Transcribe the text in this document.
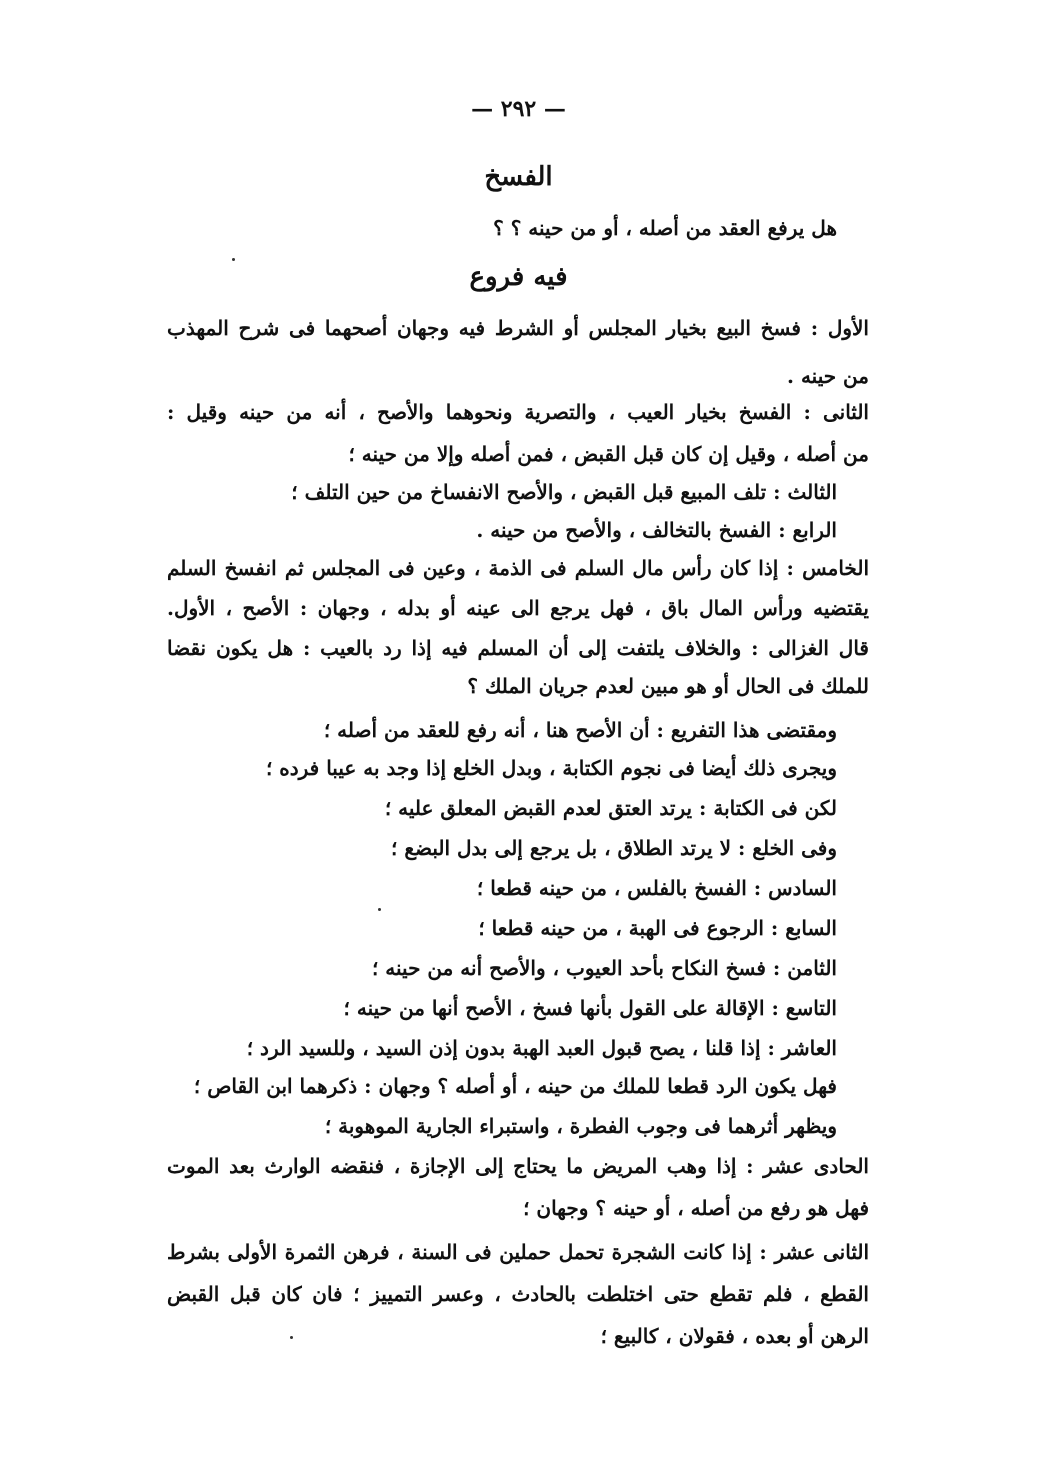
— ٢٩٢ —
الفسخ
هل يرفع العقد من أصله ، أو من حينه ؟ ؟
فيه فروع
الأول : فسخ البيع بخيار المجلس أو الشرط فيه وجهان أصحهما فى شرح المهذب
من حينه .
الثانى : الفسخ بخيار العيب ، والتصرية ونحوهما والأصح ، أنه من حينه وقيل :
من أصله ، وقيل إن كان قبل القبض ، فمن أصله وإلا من حينه ؛
الثالث : تلف المبيع قبل القبض ، والأصح الانفساخ من حين التلف ؛
الرابع : الفسخ بالتخالف ، والأصح من حينه .
الخامس : إذا كان رأس مال السلم فى الذمة ، وعين فى المجلس ثم انفسخ السلم
يقتضيه ورأس المال باق ، فهل يرجع الى عينه أو بدله ، وجهان : الأصح ، الأول.
قال الغزالى : والخلاف يلتفت إلى أن المسلم فيه إذا رد بالعيب : هل يكون نقضا
للملك فى الحال أو هو مبين لعدم جريان الملك ؟
ومقتضى هذا التفريع : أن الأصح هنا ، أنه رفع للعقد من أصله ؛
ويجرى ذلك أيضا فى نجوم الكتابة ، وبدل الخلع إذا وجد به عيبا فرده ؛
لكن فى الكتابة : يرتد العتق لعدم القبض المعلق عليه ؛
وفى الخلع : لا يرتد الطلاق ، بل يرجع إلى بدل البضع ؛
السادس : الفسخ بالفلس ، من حينه قطعا ؛
السابع : الرجوع فى الهبة ، من حينه قطعا ؛
الثامن : فسخ النكاح بأحد العيوب ، والأصح أنه من حينه ؛
التاسع : الإقالة على القول بأنها فسخ ، الأصح أنها من حينه ؛
العاشر : إذا قلنا ، يصح قبول العبد الهبة بدون إذن السيد ، وللسيد الرد ؛
فهل يكون الرد قطعا للملك من حينه ، أو أصله ؟ وجهان : ذكرهما ابن القاص ؛
ويظهر أثرهما فى وجوب الفطرة ، واستبراء الجارية الموهوبة ؛
الحادى عشر : إذا وهب المريض ما يحتاج إلى الإجازة ، فنقضه الوارث بعد الموت
فهل هو رفع من أصله ، أو حينه ؟ وجهان ؛
الثانى عشر : إذا كانت الشجرة تحمل حملين فى السنة ، فرهن الثمرة الأولى بشرط
القطع ، فلم تقطع حتى اختلطت بالحادث ، وعسر التمييز ؛ فان كان قبل القبض
الرهن أو بعده ، فقولان ، كالبيع ؛
